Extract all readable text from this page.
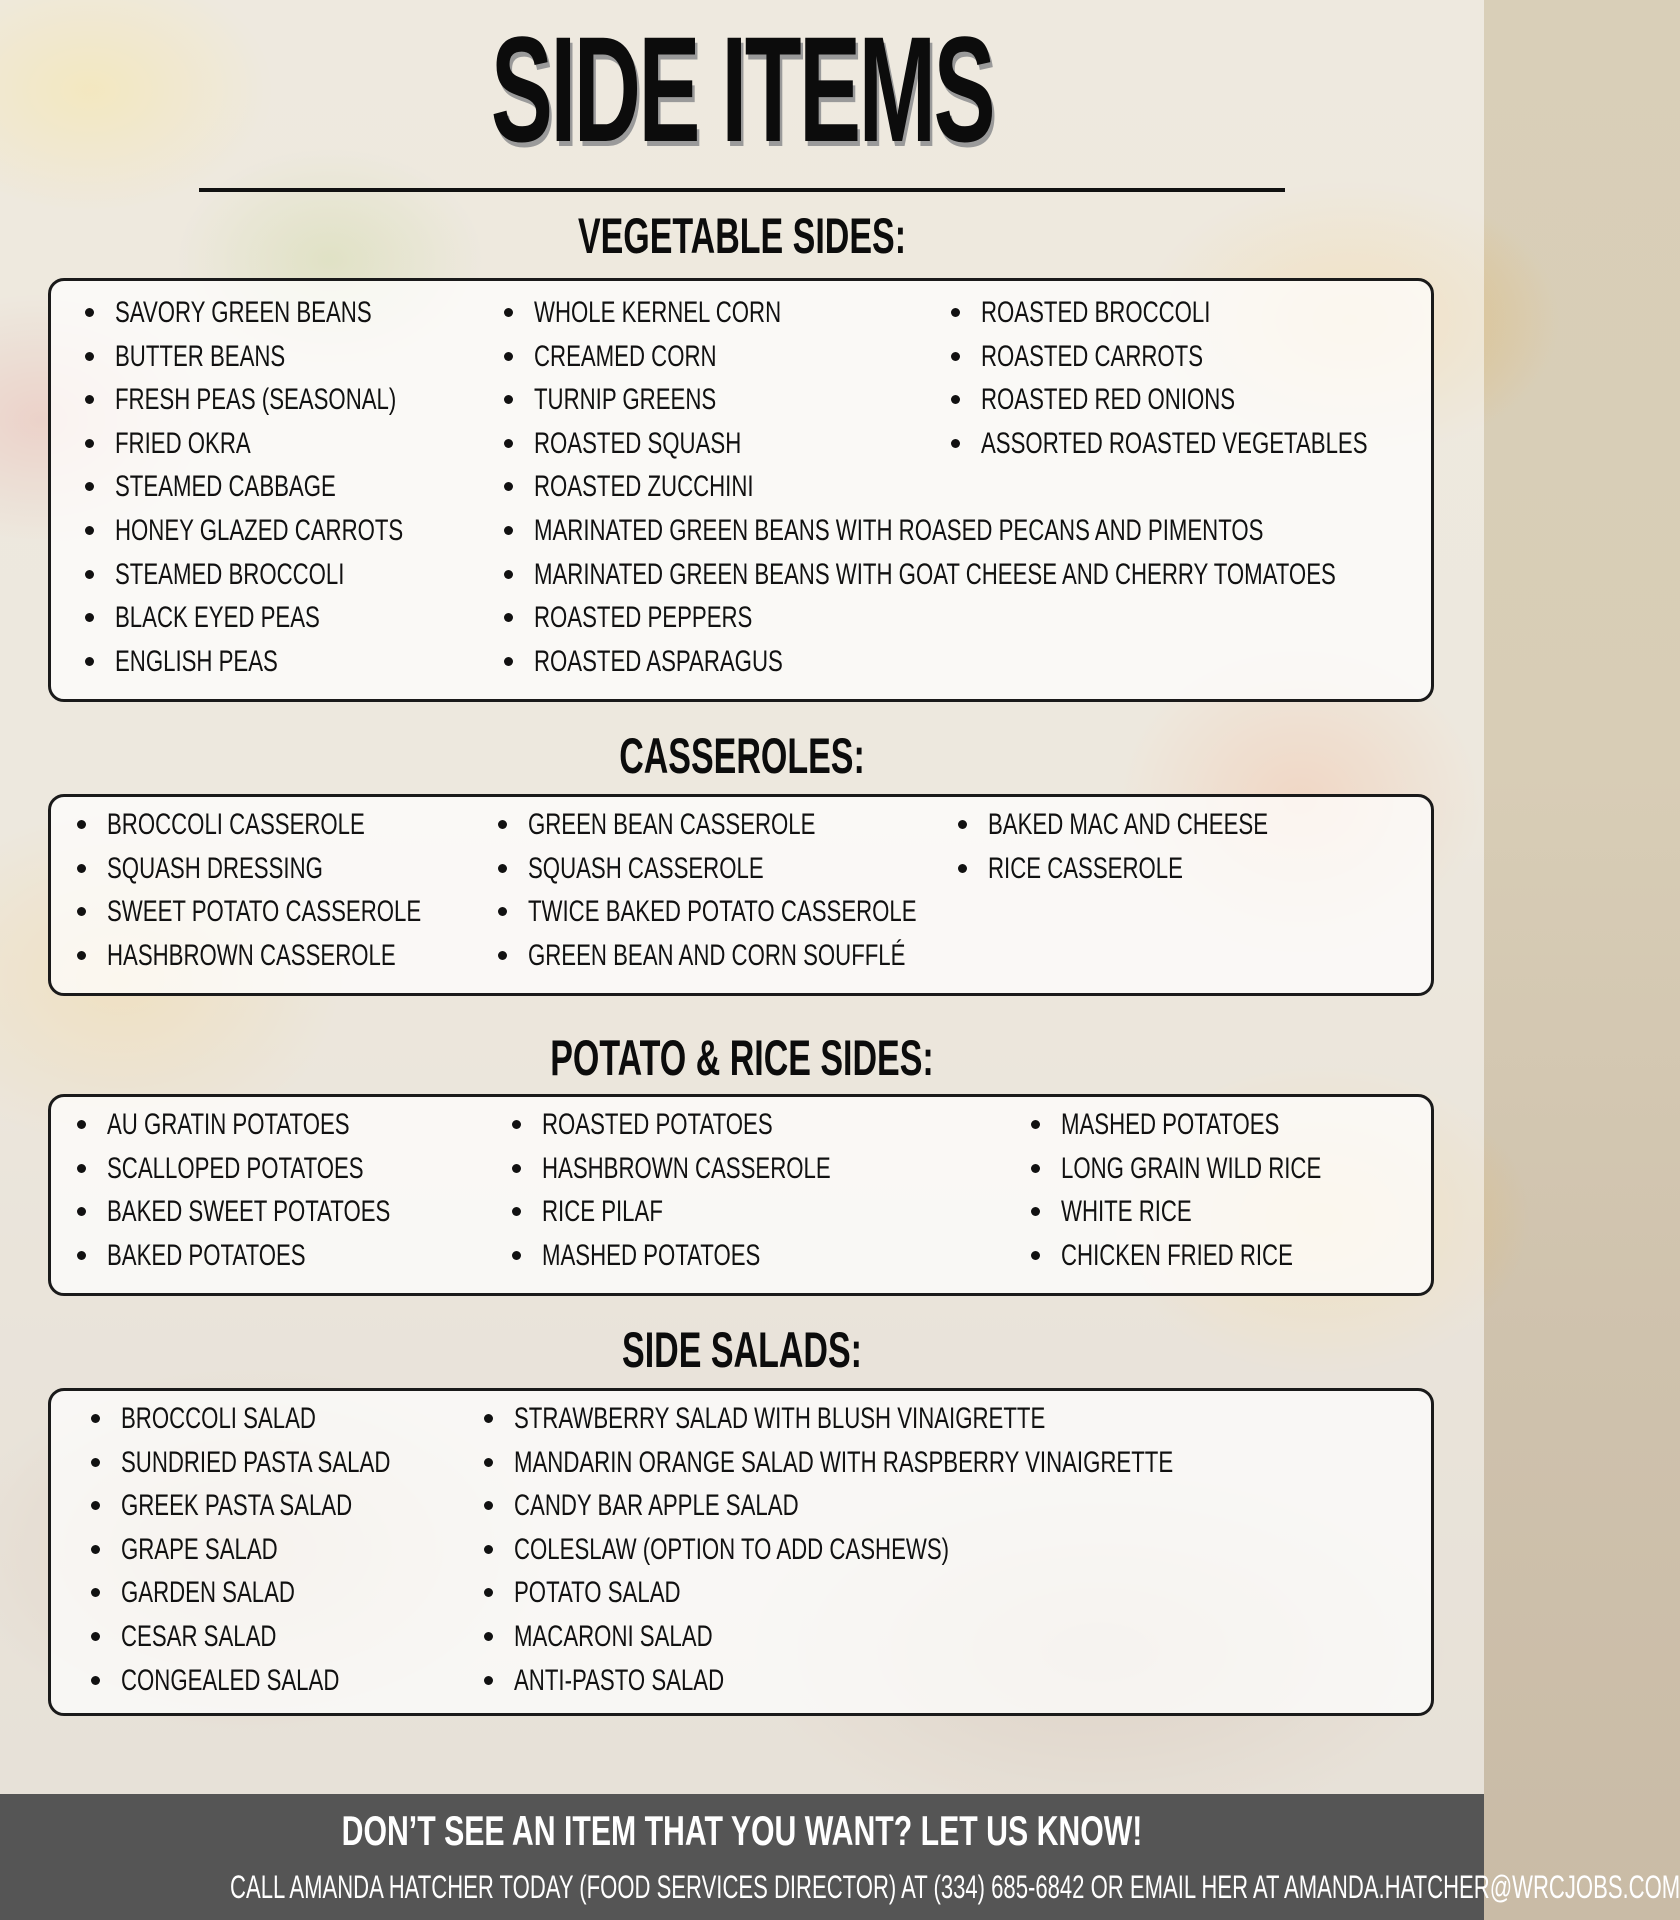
SIDE ITEMS
VEGETABLE SIDES:
SAVORY GREEN BEANS
BUTTER BEANS
FRESH PEAS (SEASONAL)
FRIED OKRA
STEAMED CABBAGE
HONEY GLAZED CARROTS
STEAMED BROCCOLI
BLACK EYED PEAS
ENGLISH PEAS
WHOLE KERNEL CORN
CREAMED CORN
TURNIP GREENS
ROASTED SQUASH
ROASTED ZUCCHINI
MARINATED GREEN BEANS WITH ROASED PECANS AND PIMENTOS
MARINATED GREEN BEANS WITH GOAT CHEESE AND CHERRY TOMATOES
ROASTED PEPPERS
ROASTED ASPARAGUS
ROASTED BROCCOLI
ROASTED CARROTS
ROASTED RED ONIONS
ASSORTED ROASTED VEGETABLES
CASSEROLES:
BROCCOLI CASSEROLE
SQUASH DRESSING
SWEET POTATO CASSEROLE
HASHBROWN CASSEROLE
GREEN BEAN CASSEROLE
SQUASH CASSEROLE
TWICE BAKED POTATO CASSEROLE
GREEN BEAN AND CORN SOUFFLÉ
BAKED MAC AND CHEESE
RICE CASSEROLE
POTATO & RICE SIDES:
AU GRATIN POTATOES
SCALLOPED POTATOES
BAKED SWEET POTATOES
BAKED POTATOES
ROASTED POTATOES
HASHBROWN CASSEROLE
RICE PILAF
MASHED POTATOES
MASHED POTATOES
LONG GRAIN WILD RICE
WHITE RICE
CHICKEN FRIED RICE
SIDE SALADS:
BROCCOLI SALAD
SUNDRIED PASTA SALAD
GREEK PASTA SALAD
GRAPE SALAD
GARDEN SALAD
CESAR SALAD
CONGEALED SALAD
STRAWBERRY SALAD WITH BLUSH VINAIGRETTE
MANDARIN ORANGE SALAD WITH RASPBERRY VINAIGRETTE
CANDY BAR APPLE SALAD
COLESLAW (OPTION TO ADD CASHEWS)
POTATO SALAD
MACARONI SALAD
ANTI-PASTO SALAD
DON’T SEE AN ITEM THAT YOU WANT? LET US KNOW!
CALL AMANDA HATCHER TODAY (FOOD SERVICES DIRECTOR) AT (334) 685-6842 OR EMAIL HER AT AMANDA.HATCHER@WRCJOBS.COM
